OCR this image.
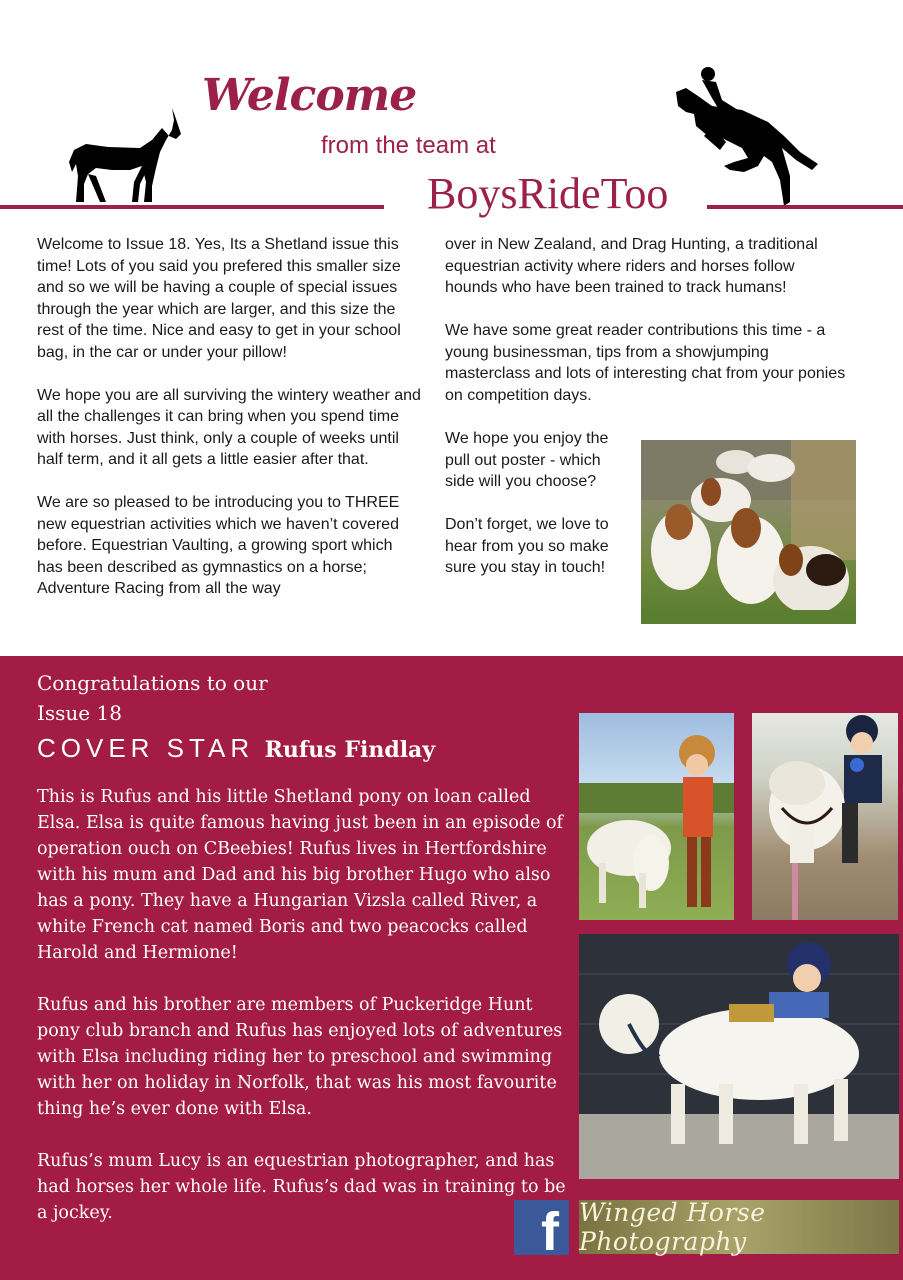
Welcome
from the team at
BoysRideToo

Welcome to Issue 18. Yes, Its a Shetland issue this time! Lots of you said you prefered this smaller size and so we will be having a couple of special issues through the year which are larger, and this size the rest of the time. Nice and easy to get in your school bag, in the car or under your pillow!

We hope you are all surviving the wintery weather and all the challenges it can bring when you spend time with horses. Just think, only a couple of weeks until half term, and it all gets a little easier after that.

We are so pleased to be introducing you to THREE new equestrian activities which we haven’t covered before. Equestrian Vaulting, a growing sport which has been described as gymnastics on a horse; Adventure Racing from all the way

over in New Zealand, and Drag Hunting, a traditional equestrian activity where riders and horses follow hounds who have been trained to track humans!

We have some great reader contributions this time - a young businessman, tips from a showjumping masterclass and lots of interesting chat from your ponies on competition days.

We hope you enjoy the pull out poster - which side will you choose?

Don’t forget, we love to hear from you so make sure you stay in touch!

Congratulations to our
Issue 18
COVER STAR Rufus Findlay

This is Rufus and his little Shetland pony on loan called Elsa. Elsa is quite famous having just been in an episode of operation ouch on CBeebies! Rufus lives in Hertfordshire with his mum and Dad and his big brother Hugo who also has a pony. They have a Hungarian Vizsla called River, a white French cat named Boris and two peacocks called Harold and Hermione!

Rufus and his brother are members of Puckeridge Hunt pony club branch and Rufus has enjoyed lots of adventures with Elsa including riding her to preschool and swimming with her on holiday in Norfolk, that was his most favourite thing he’s ever done with Elsa.

Rufus’s mum Lucy is an equestrian photographer, and has had horses her whole life. Rufus’s dad was in training to be a jockey.	f Winged Horse Photography
